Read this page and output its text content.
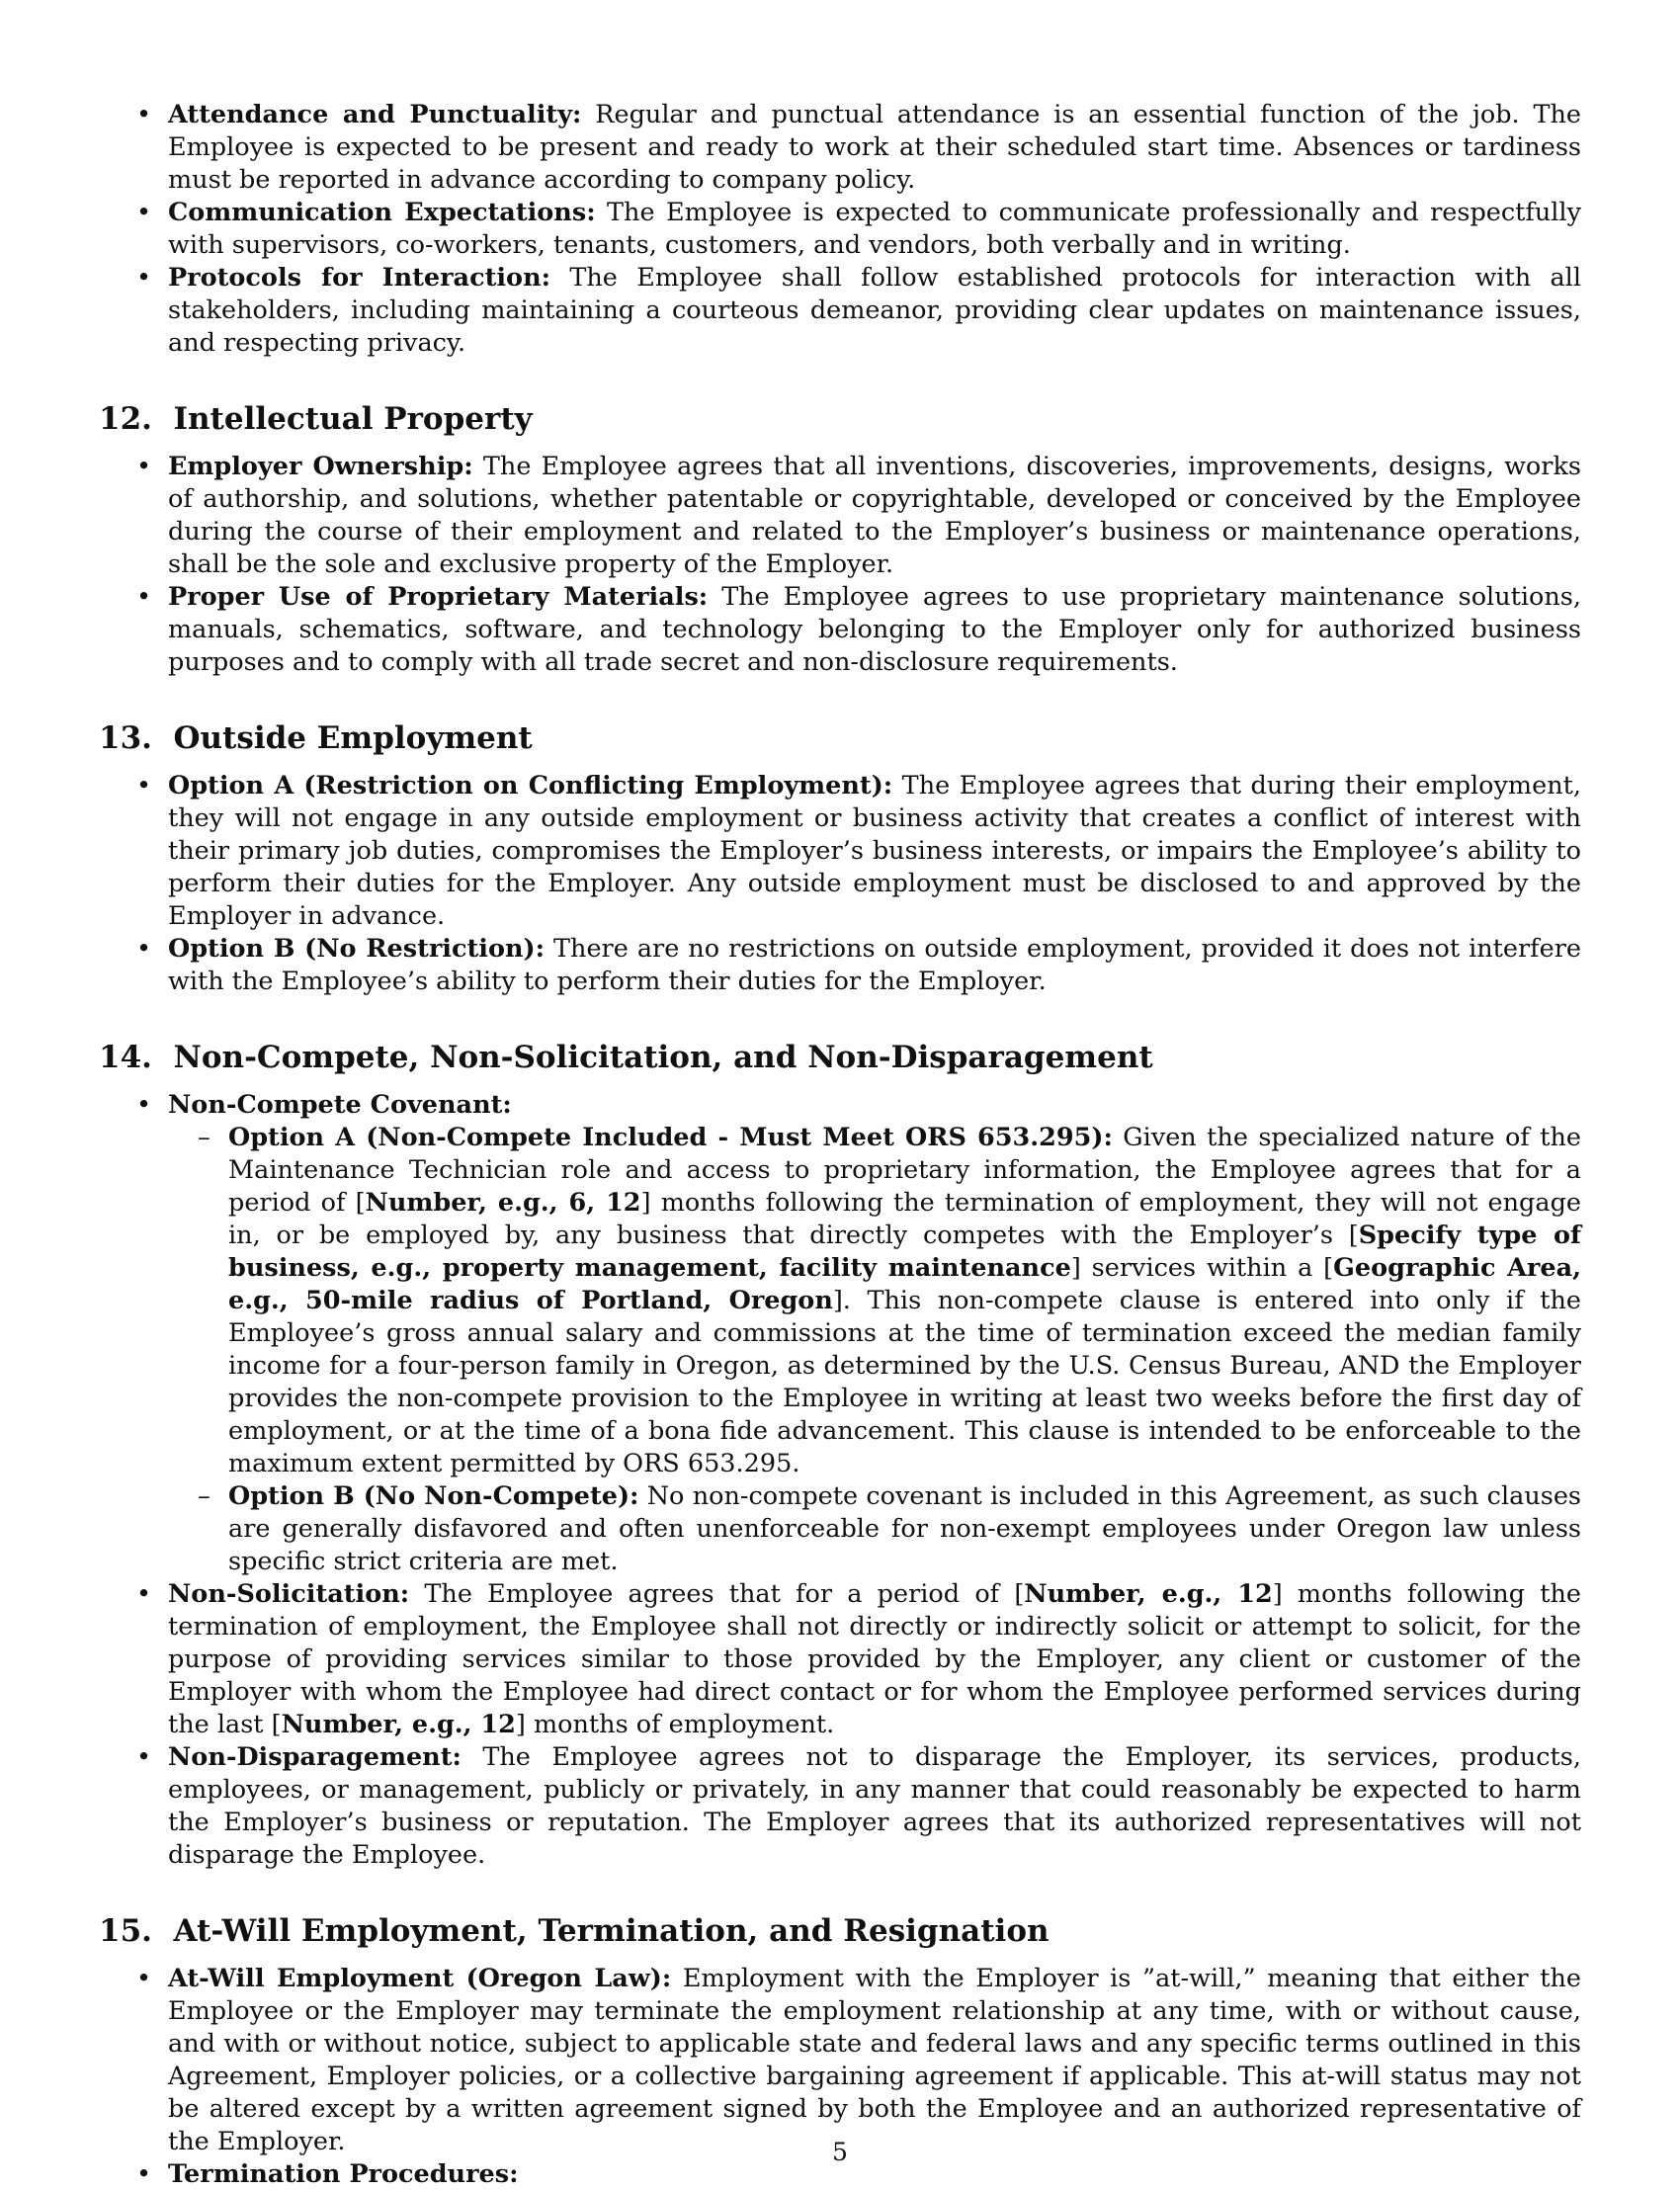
• Attendance and Punctuality: Regular and punctual attendance is an essential function of the job. The Employee is expected to be present and ready to work at their scheduled start time. Absences or tardiness must be reported in advance according to company policy.
• Communication Expectations: The Employee is expected to communicate professionally and respectfully with supervisors, co-workers, tenants, customers, and vendors, both verbally and in writing.
• Protocols for Interaction: The Employee shall follow established protocols for interaction with all stakeholders, including maintaining a courteous demeanor, providing clear updates on maintenance issues, and respecting privacy.
12.  Intellectual Property
• Employer Ownership: The Employee agrees that all inventions, discoveries, improvements, designs, works of authorship, and solutions, whether patentable or copyrightable, developed or conceived by the Employee during the course of their employment and related to the Employer’s business or maintenance operations, shall be the sole and exclusive property of the Employer.
• Proper Use of Proprietary Materials: The Employee agrees to use proprietary maintenance solutions, manuals, schematics, software, and technology belonging to the Employer only for authorized business purposes and to comply with all trade secret and non-disclosure requirements.
13.  Outside Employment
• Option A (Restriction on Conflicting Employment): The Employee agrees that during their employment, they will not engage in any outside employment or business activity that creates a conflict of interest with their primary job duties, compromises the Employer’s business interests, or impairs the Employee’s ability to perform their duties for the Employer. Any outside employment must be disclosed to and approved by the Employer in advance.
• Option B (No Restriction): There are no restrictions on outside employment, provided it does not interfere with the Employee’s ability to perform their duties for the Employer.
14.  Non-Compete, Non-Solicitation, and Non-Disparagement
• Non-Compete Covenant:
– Option A (Non-Compete Included - Must Meet ORS 653.295): Given the specialized nature of the Maintenance Technician role and access to proprietary information, the Employee agrees that for a period of [Number, e.g., 6, 12] months following the termination of employment, they will not engage in, or be employed by, any business that directly competes with the Employer’s [Specify type of business, e.g., property management, facility maintenance] services within a [Geographic Area, e.g., 50-mile radius of Portland, Oregon]. This non-compete clause is entered into only if the Employee’s gross annual salary and commissions at the time of termination exceed the median family income for a four-person family in Oregon, as determined by the U.S. Census Bureau, AND the Employer provides the non-compete provision to the Employee in writing at least two weeks before the first day of employment, or at the time of a bona fide advancement. This clause is intended to be enforceable to the maximum extent permitted by ORS 653.295.
– Option B (No Non-Compete): No non-compete covenant is included in this Agreement, as such clauses are generally disfavored and often unenforceable for non-exempt employees under Oregon law unless specific strict criteria are met.
• Non-Solicitation: The Employee agrees that for a period of [Number, e.g., 12] months following the termination of employment, the Employee shall not directly or indirectly solicit or attempt to solicit, for the purpose of providing services similar to those provided by the Employer, any client or customer of the Employer with whom the Employee had direct contact or for whom the Employee performed services during the last [Number, e.g., 12] months of employment.
• Non-Disparagement: The Employee agrees not to disparage the Employer, its services, products, employees, or management, publicly or privately, in any manner that could reasonably be expected to harm the Employer’s business or reputation. The Employer agrees that its authorized representatives will not disparage the Employee.
15.  At-Will Employment, Termination, and Resignation
• At-Will Employment (Oregon Law): Employment with the Employer is ”at-will,” meaning that either the Employee or the Employer may terminate the employment relationship at any time, with or without cause, and with or without notice, subject to applicable state and federal laws and any specific terms outlined in this Agreement, Employer policies, or a collective bargaining agreement if applicable. This at-will status may not be altered except by a written agreement signed by both the Employee and an authorized representative of the Employer.
• Termination Procedures:
5
